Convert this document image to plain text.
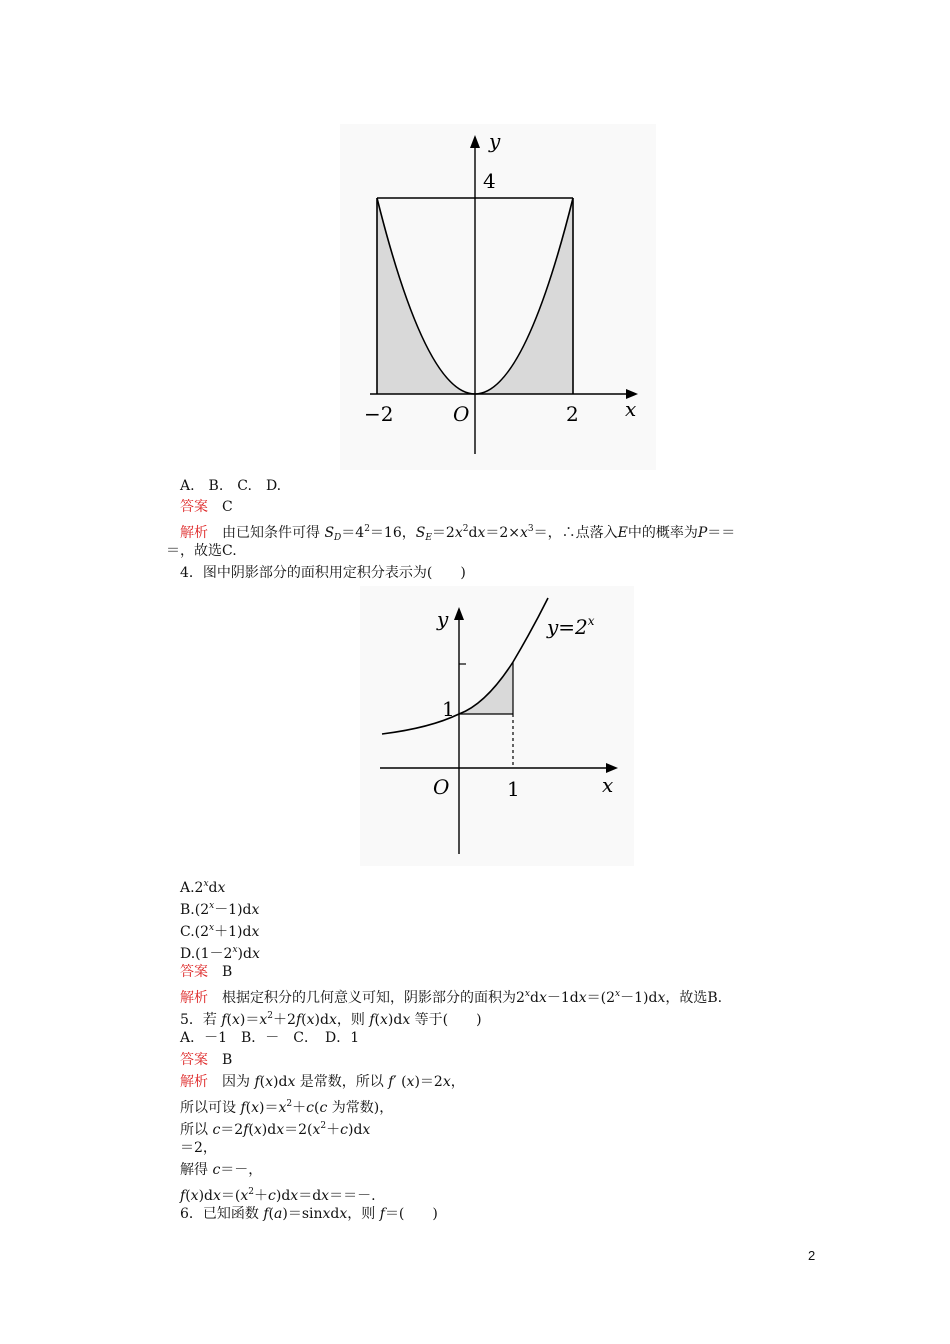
y
4
−2	O	2 x
A.　B.　C.　D.
答案 C
解析 由已知条件可得 $S_D=4^2=16$，$S_E=2x^2dx=2\times x^3=$，∴点落入E中的概率为P＝＝
＝，故选C.
4．图中阴影部分的面积用定积分表示为(　　)
y
1
O	1	x
$y=2^x$
A.2$^x$dx
$B.(2^x-1)dx$
$C.(2^x+1)dx$
$D.(1-2^x)dx$
答案 B
解析 根据定积分的几何意义可知，阴影部分的面积为$2^xdx-1dx=(2^x-1)dx$，故选B.
5．若 $f(x)=x^2+2f(x)dx$，则 f(x)dx 等于(　　)
A．－1　B．－　C．　D．1
答案 B
解析 因为 f(x)dx 是常数，所以 f′ (x)＝2x，
所以可设 $f(x)=x^2+c(c$ 为常数)，
所以 $c=2f(x)dx=2(x^2+c)dx$
＝2，
解得 c＝－，
$f(x)dx=(x^2+c)dx=dx==-$.
6．已知函数 f(a)＝sinxdx，则 f＝(　　)
2
